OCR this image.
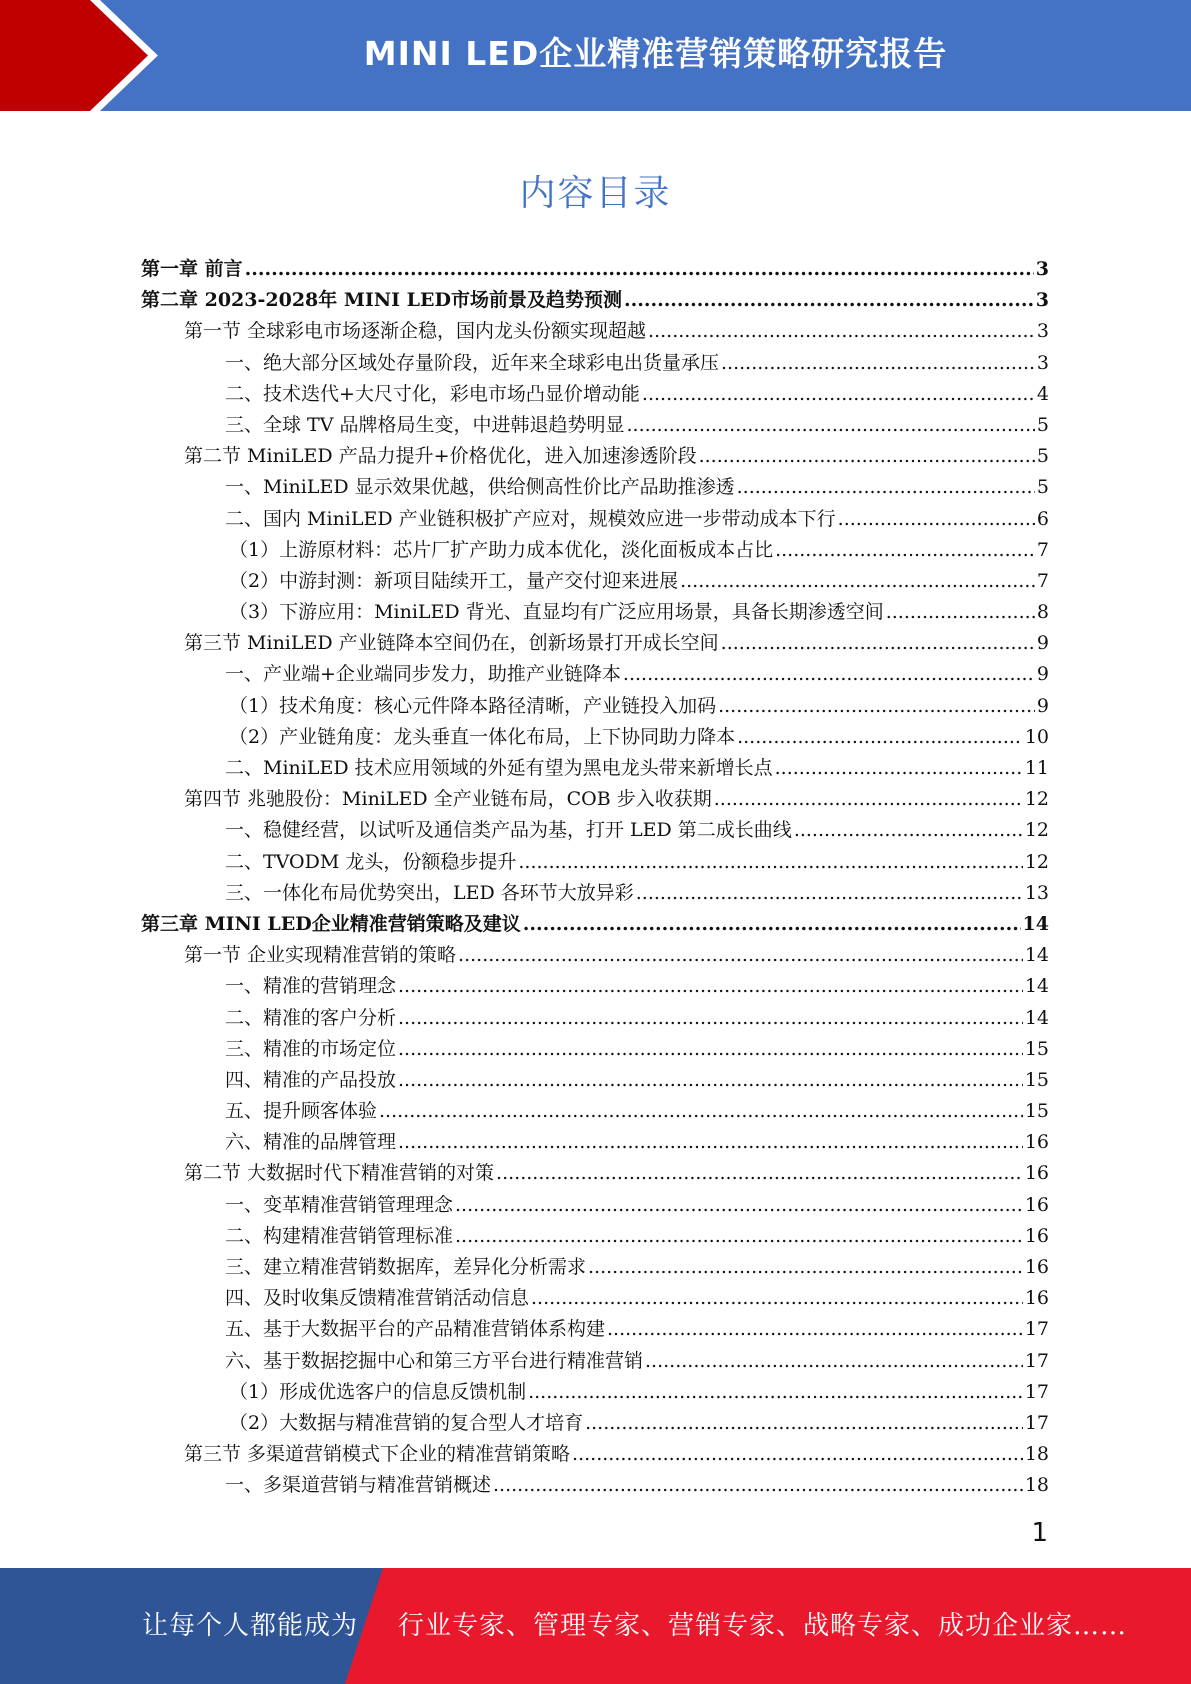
MINI LED企业精准营销策略研究报告
内容目录
第一章 前言 .....	3
第二章 2023-2028年 MINI LED市场前景及趋势预测 .....	3
第一节 全球彩电市场逐渐企稳，国内龙头份额实现超越 .....	3
一、绝大部分区域处存量阶段，近年来全球彩电出货量承压 .....	3
二、技术迭代+大尺寸化，彩电市场凸显价增动能 .....	4
三、全球 TV 品牌格局生变，中进韩退趋势明显 .....	5
第二节 MiniLED 产品力提升+价格优化，进入加速渗透阶段 .....	5
一、MiniLED 显示效果优越，供给侧高性价比产品助推渗透 .....	5
二、国内 MiniLED 产业链积极扩产应对，规模效应进一步带动成本下行 .....	6
（1）上游原材料：芯片厂扩产助力成本优化，淡化面板成本占比 .....	7
（2）中游封测：新项目陆续开工，量产交付迎来进展 .....	7
（3）下游应用：MiniLED 背光、直显均有广泛应用场景，具备长期渗透空间 .....	8
第三节 MiniLED 产业链降本空间仍在，创新场景打开成长空间 .....	9
一、产业端+企业端同步发力，助推产业链降本 .....	9
（1）技术角度：核心元件降本路径清晰，产业链投入加码 .....	9
（2）产业链角度：龙头垂直一体化布局，上下协同助力降本 .....	10
二、MiniLED 技术应用领域的外延有望为黑电龙头带来新增长点 .....	11
第四节 兆驰股份：MiniLED 全产业链布局，COB 步入收获期 .....	12
一、稳健经营，以试听及通信类产品为基，打开 LED 第二成长曲线 .....	12
二、TVODM 龙头，份额稳步提升 .....	12
三、一体化布局优势突出，LED 各环节大放异彩 .....	13
第三章 MINI LED企业精准营销策略及建议 .....	14
第一节 企业实现精准营销的策略 .....	14
一、精准的营销理念 .....	14
二、精准的客户分析 .....	14
三、精准的市场定位 .....	15
四、精准的产品投放 .....	15
五、提升顾客体验 .....	15
六、精准的品牌管理 .....	16
第二节 大数据时代下精准营销的对策 .....	16
一、变革精准营销管理理念 .....	16
二、构建精准营销管理标准 .....	16
三、建立精准营销数据库，差异化分析需求 .....	16
四、及时收集反馈精准营销活动信息 .....	16
五、基于大数据平台的产品精准营销体系构建 .....	17
六、基于数据挖掘中心和第三方平台进行精准营销 .....	17
（1）形成优选客户的信息反馈机制 .....	17
（2）大数据与精准营销的复合型人才培育 .....	17
第三节 多渠道营销模式下企业的精准营销策略 .....	18
一、多渠道营销与精准营销概述 .....	18
1
让每个人都能成为 行业专家、管理专家、营销专家、战略专家、成功企业家……
